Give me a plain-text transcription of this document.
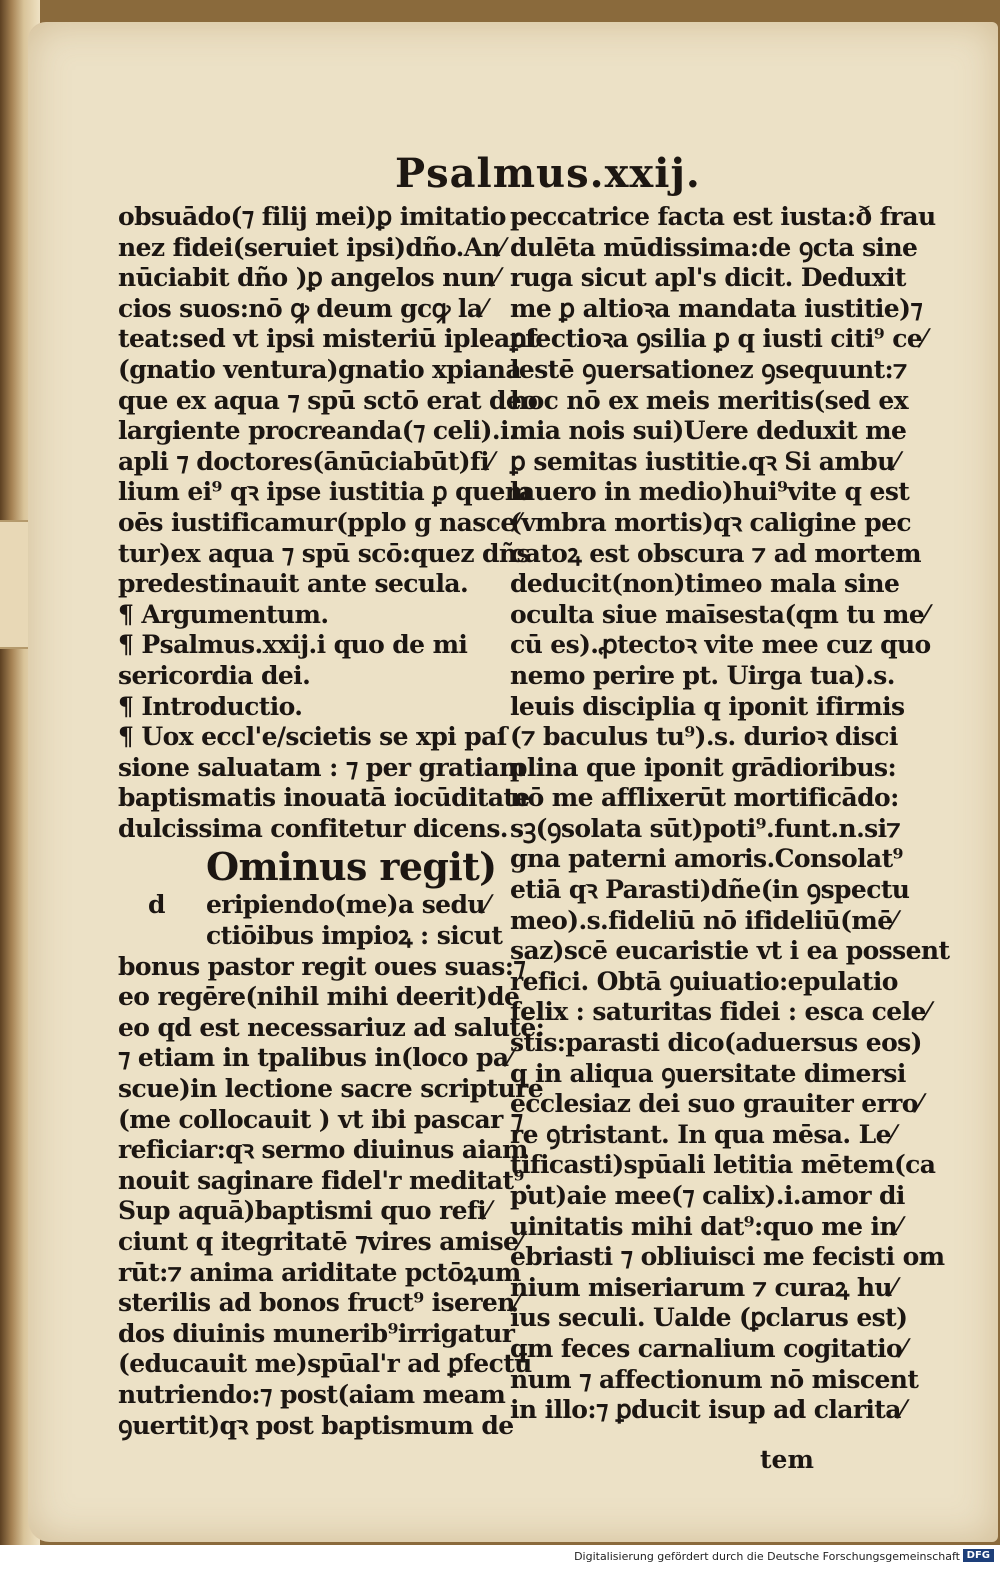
Psalmus.xxij.
obsuādo(⁊ filij mei)ꝑ imitatio
nez fidei(seruiet ipsi)dño.An⁄
nūciabit dño )ꝑ angelos nun⁄
cios suos:nō ꝙ deum gcꝙ la⁄
teat:sed vt ipsi misteriū ipleant
(gnatio ventura)gnatio xpiana
que ex aqua ⁊ spū sctō erat deo
largiente procreanda(⁊ celi).i.
apli ⁊ doctores(ānūciabūt)fi⁄
lium ei⁹ qꝛ ipse iustitia ꝑ quem
oēs iustificamur(pplo g nasce⁄
tur)ex aqua ⁊ spū scō:quez dñs
predestinauit ante secula.
¶ Argumentum.
¶ Psalmus.xxij.i quo de mi
sericordia dei.
¶ Introductio.
¶ Uox eccl'e/scietis se xpi paſ
sione saluatam : ⁊ per gratiam
baptismatis inouatā iocūditate
dulcissima confitetur dicens.
Ominus regit)
d eripiendo(me)a sedu⁄
ctiōibus impioꝝ : sicut
bonus pastor regit oues suas:⁊
eo regēre(nihil mihi deerit)de
eo qd est necessariuz ad salutē:
⁊ etiam in tpalibus in(loco pa⁄
scue)in lectione sacre scripture
(me collocauit ) vt ibi pascar ⁊
reficiar:qꝛ sermo diuinus aiam
nouit saginare fidel'r meditat⁹.
Sup aquā)baptismi quo refi⁄
ciunt q itegritatē ⁊vires amise⁄
rūt:⁊ anima ariditate pctōꝝum
sterilis ad bonos fruct⁹ iseren⁄
dos diuinis munerib⁹irrigatur
(educauit me)spūal'r ad ꝑfectū
nutriendo:⁊ post(aiam meam
ꝯuertit)qꝛ post baptismum de
peccatrice facta est iusta:ð frau
dulēta mūdissima:de ꝯcta sine
ruga sicut apl's dicit. Deduxit
me ꝑ altioꝛa mandata iustitie)⁊
ꝑfectioꝛa ꝯsilia ꝑ q iusti citi⁹ ce⁄
lestē ꝯuersationez ꝯsequunt:⁊
hoc nō ex meis meritis(sed ex
mia nois sui)Uere deduxit me
ꝑ semitas iustitie.qꝛ Si ambu⁄
lauero in medio)hui⁹vite q est
(vmbra mortis)qꝛ caligine pec
catoꝝ est obscura ⁊ ad mortem
deducit(non)timeo mala sine
oculta siue maīsesta(qm tu me⁄
cū es).ꝓtectoꝛ vite mee cuz quo
nemo perire pt. Uirga tua).s.
leuis disciplia q iponit ifirmis
(⁊ baculus tu⁹).s. durioꝛ disci
plina que iponit grādioribus:
nō me afflixerūt mortificādo:
sꝫ(ꝯsolata sūt)poti⁹.funt.n.si⁊
gna paterni amoris.Consolat⁹
etiā qꝛ Parasti)dñe(in ꝯspectu
meo).s.fideliū nō ifideliū(mē⁄
saz)scē eucaristie vt i ea possent
refici. Obtā ꝯuiuatio:epulatio
felix : saturitas fidei : esca cele⁄
stis:parasti dico(aduersus eos)
q in aliqua ꝯuersitate dimersi
ecclesiaz dei suo grauiter erro⁄
re ꝯtristant. In qua mēsa. Le⁄
tificasti)spūali letitia mētem(ca
put)aie mee(⁊ calix).i.amor di
uinitatis mihi dat⁹:quo me in⁄
ebriasti ⁊ obliuisci me fecisti om
nium miseriarum ⁊ curaꝝ hu⁄
ius seculi. Ualde (ꝑclarus est)
qm feces carnalium cogitatio⁄
num ⁊ affectionum nō miscent
in illo:⁊ ꝑducit isup ad clarita⁄
tem
Digitalisierung gefördert durch die Deutsche Forschungsgemeinschaft DFG
